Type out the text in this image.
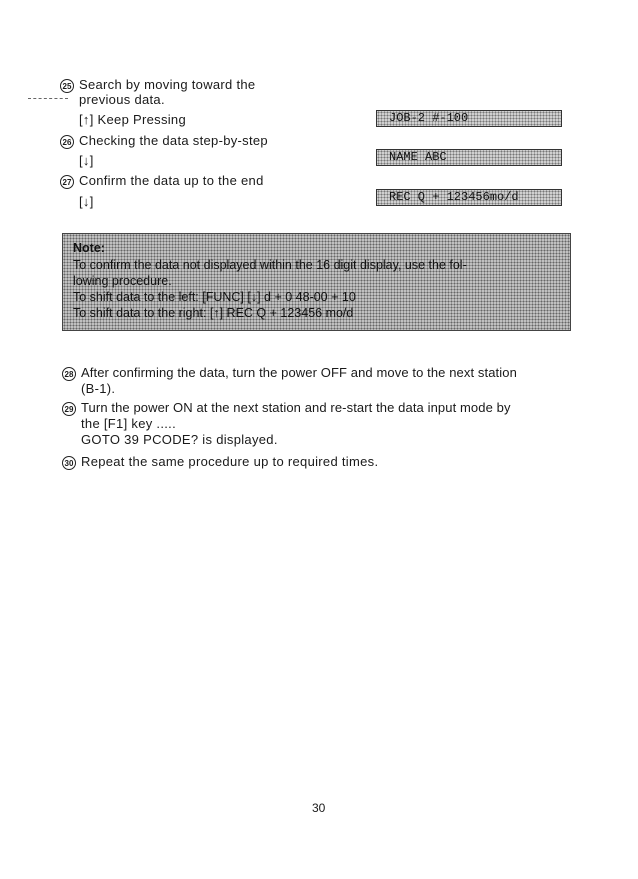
25 Search by moving toward the
previous data.
[↑] Keep Pressing	JOB-2 #-100
26 Checking the data step-by-step
[↓]	NAME ABC
27 Confirm the data up to the end
[↓]	REC Q + 123456mo/d
Note:
To confirm the data not displayed within the 16 digit display, use the fol-
lowing procedure.
To shift data to the left: [FUNC] [↓] d + 0 48-00 + 10
To shift data to the right: [↑] REC Q + 123456 mo/d
28 After confirming the data, turn the power OFF and move to the next station
(B-1).
29 Turn the power ON at the next station and re-start the data input mode by
the [F1] key .....
GOTO 39 PCODE? is displayed.
30 Repeat the same procedure up to required times.
30
